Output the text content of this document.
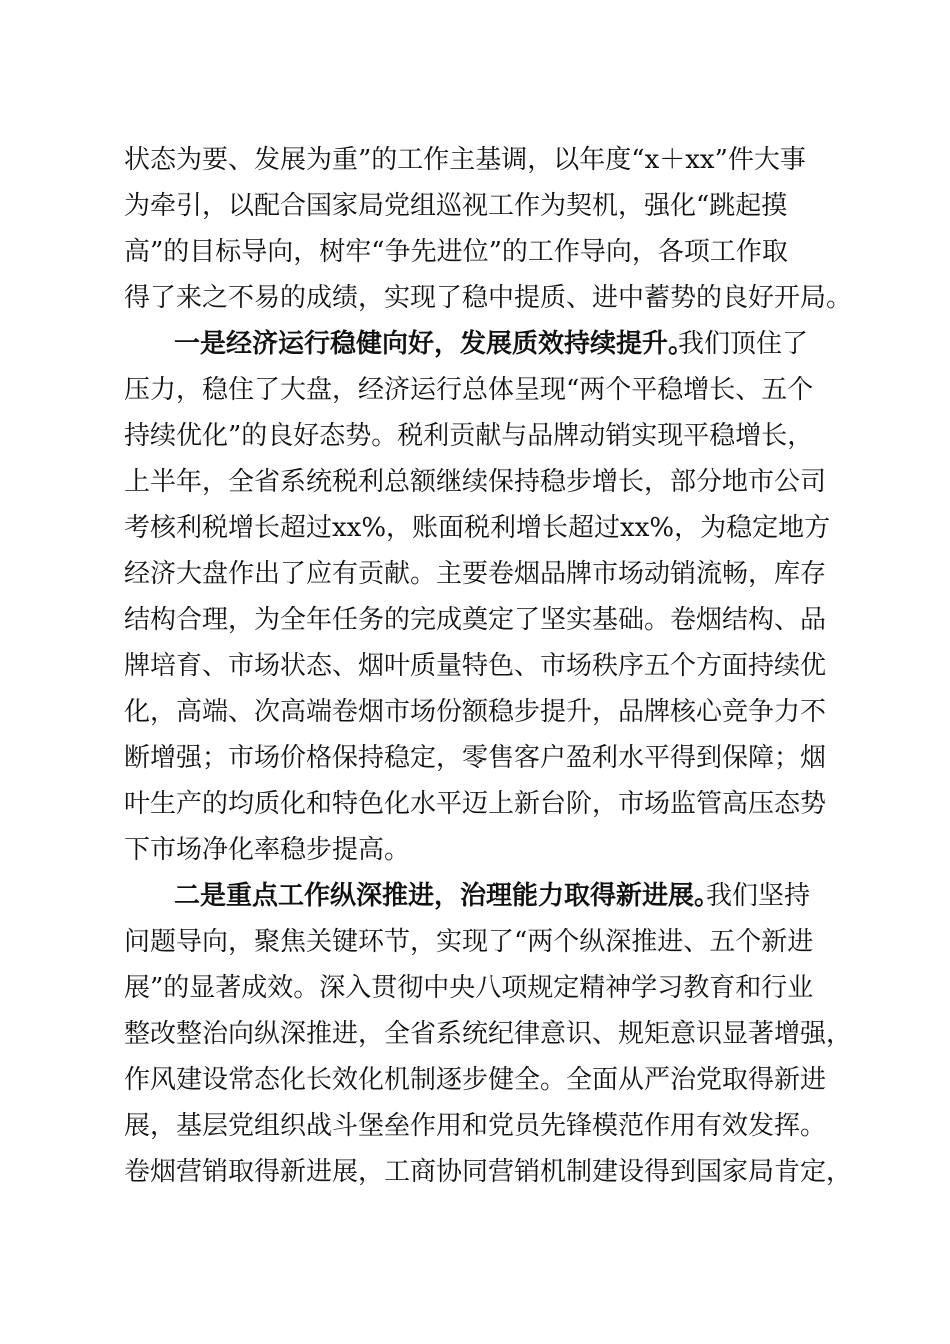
状态为要、发展为重”的工作主基调，以年度“x＋xx”件大事
为牵引，以配合国家局党组巡视工作为契机，强化“跳起摸
高”的目标导向，树牢“争先进位”的工作导向，各项工作取
得了来之不易的成绩，实现了稳中提质、进中蓄势的良好开局。
一是经济运行稳健向好，发展质效持续提升。
我们顶住了
压力，稳住了大盘，经济运行总体呈现“两个平稳增长、五个
持续优化”的良好态势。税利贡献与品牌动销实现平稳增长，
上半年，全省系统税利总额继续保持稳步增长，部分地市公司
考核利税增长超过xx%，账面税利增长超过xx%，为稳定地方
经济大盘作出了应有贡献。主要卷烟品牌市场动销流畅，库存
结构合理，为全年任务的完成奠定了坚实基础。卷烟结构、品
牌培育、市场状态、烟叶质量特色、市场秩序五个方面持续优
化，高端、次高端卷烟市场份额稳步提升，品牌核心竞争力不
断增强；市场价格保持稳定，零售客户盈利水平得到保障；烟
叶生产的均质化和特色化水平迈上新台阶，市场监管高压态势
下市场净化率稳步提高。
二是重点工作纵深推进，治理能力取得新进展。
我们坚持
问题导向，聚焦关键环节，实现了“两个纵深推进、五个新进
展”的显著成效。深入贯彻中央八项规定精神学习教育和行业
整改整治向纵深推进，全省系统纪律意识、规矩意识显著增强，
作风建设常态化长效化机制逐步健全。全面从严治党取得新进
展，基层党组织战斗堡垒作用和党员先锋模范作用有效发挥。
卷烟营销取得新进展，工商协同营销机制建设得到国家局肯定，
